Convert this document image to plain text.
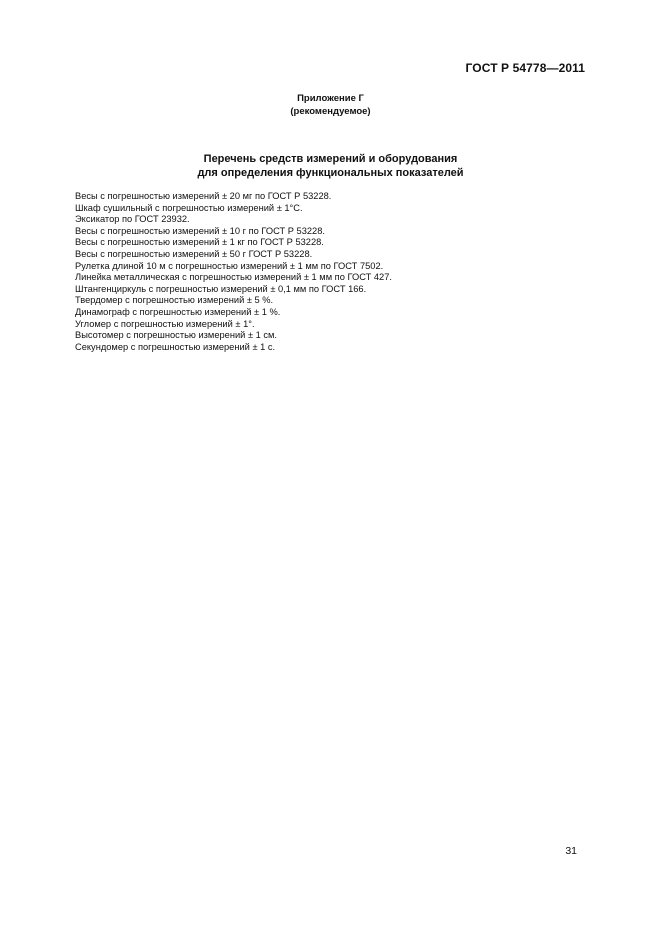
ГОСТ Р 54778—2011
Приложение Г
(рекомендуемое)
Перечень средств измерений и оборудования
для определения функциональных показателей
Весы с погрешностью измерений ± 20 мг по ГОСТ Р 53228.
Шкаф сушильный с погрешностью измерений ± 1°С.
Эксикатор по ГОСТ 23932.
Весы с погрешностью измерений ± 10 г по ГОСТ Р 53228.
Весы с погрешностью измерений ± 1 кг по ГОСТ Р 53228.
Весы с погрешностью измерений ± 50 г ГОСТ Р 53228.
Рулетка длиной 10 м с погрешностью измерений ± 1 мм по ГОСТ 7502.
Линейка металлическая с погрешностью измерений ± 1 мм по ГОСТ 427.
Штангенциркуль с погрешностью измерений ± 0,1 мм по ГОСТ 166.
Твердомер с погрешностью измерений ± 5 %.
Динамограф с погрешностью измерений ± 1 %.
Угломер с погрешностью измерений ± 1°.
Высотомер с погрешностью измерений ± 1 см.
Секундомер с погрешностью измерений ± 1 с.
31
